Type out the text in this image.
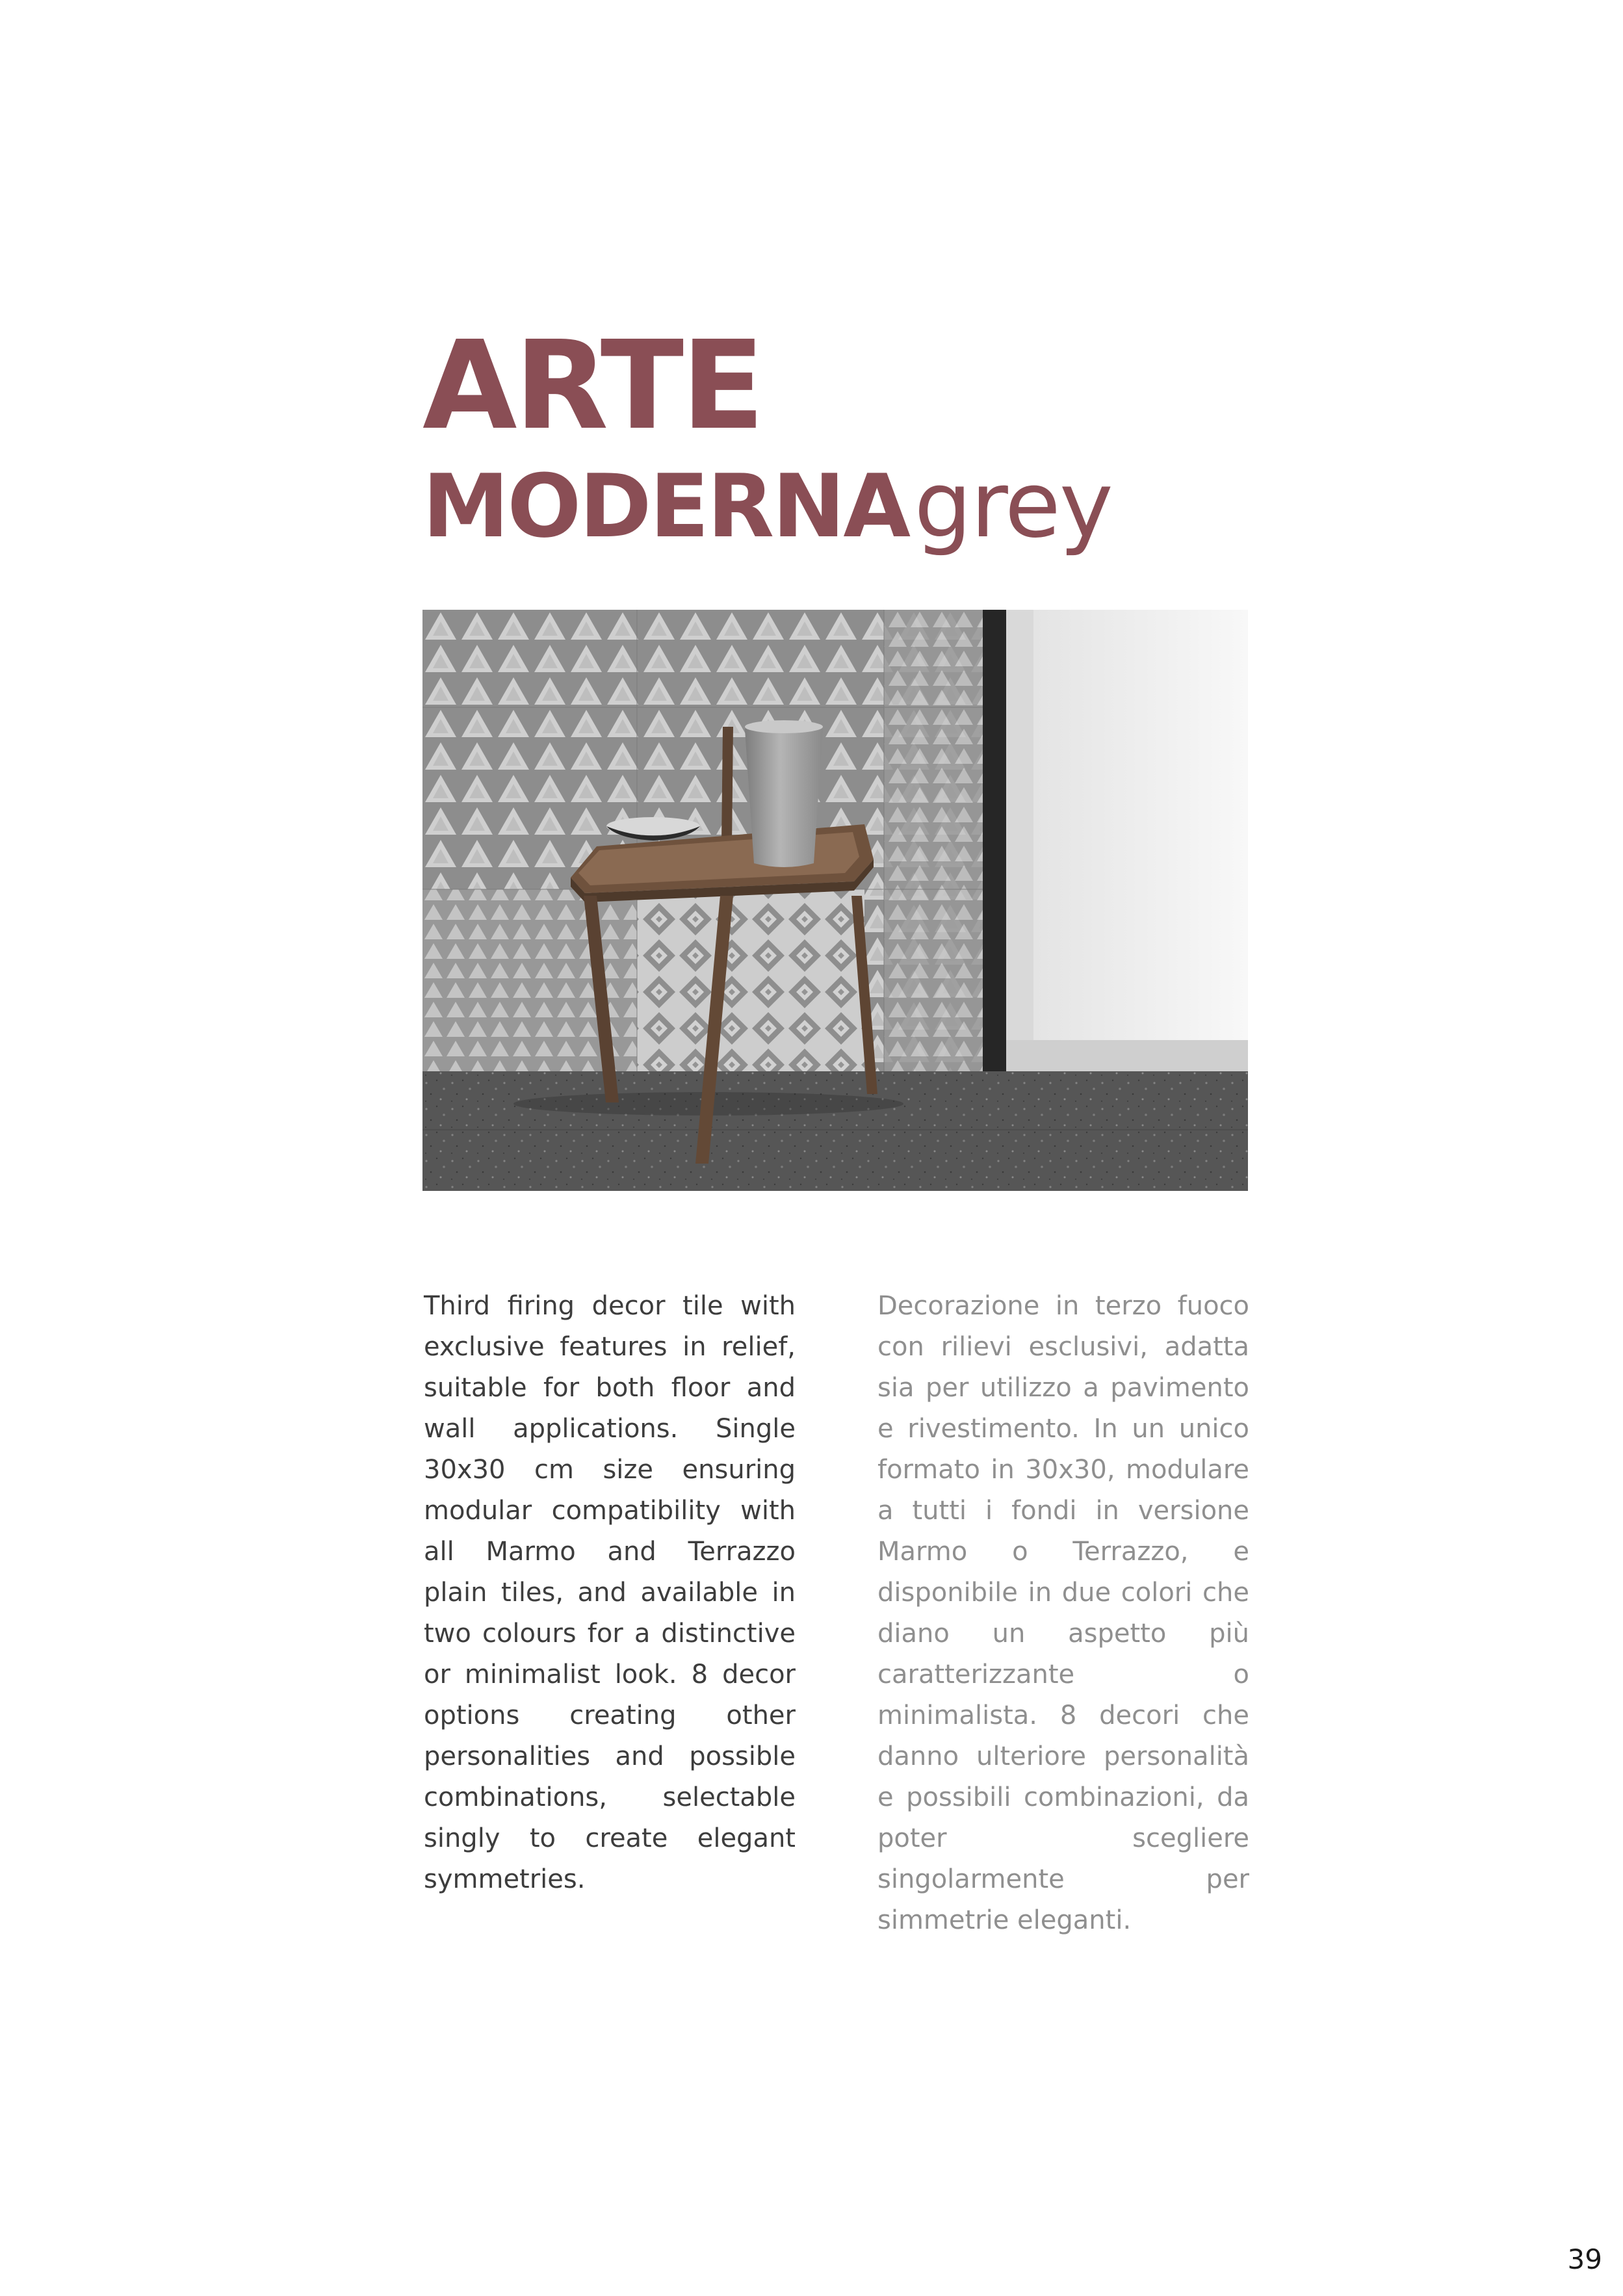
ARTE
MODERNA grey

Third firing decor tile with exclusive features in relief, suitable for both floor and wall applications. Single 30x30 cm size ensuring modular compatibility with all Marmo and Terrazzo plain tiles, and available in two colours for a distinctive or minimalist look. 8 decor options creating other personalities and possible combinations, selectable singly to create elegant symmetries.

Decorazione in terzo fuoco con rilievi esclusivi, adatta sia per utilizzo a pavimento e rivestimento. In un unico formato in 30x30, modulare a tutti i fondi in versione Marmo o Terrazzo, e disponibile in due colori che diano un aspetto più caratterizzante o minimalista. 8 decori che danno ulteriore personalità e possibili combinazioni, da poter scegliere singolarmente per simmetrie eleganti.

39
